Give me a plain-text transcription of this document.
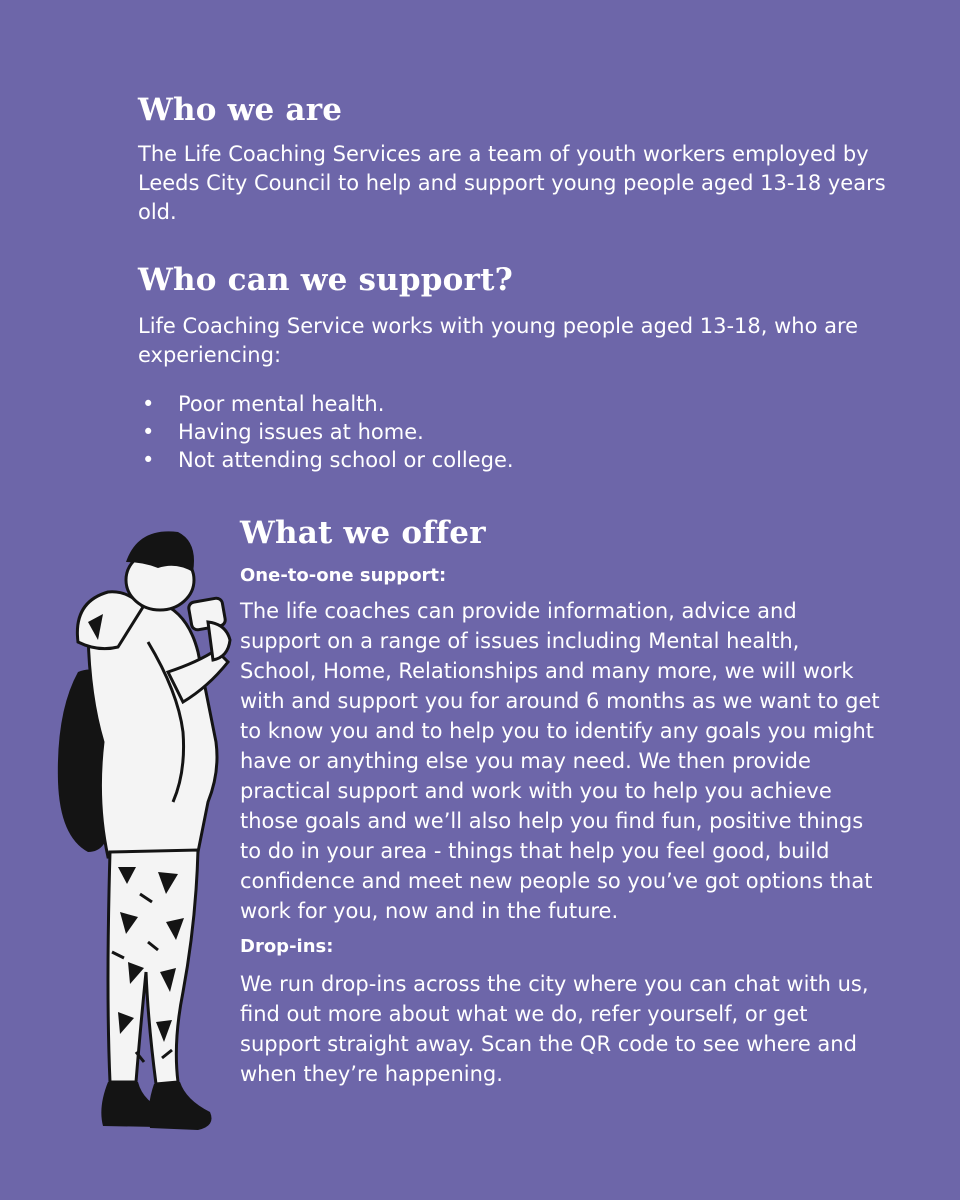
Who we are

The Life Coaching Services are a team of youth workers employed by Leeds City Council to help and support young people aged 13-18 years old.

Who can we support?

Life Coaching Service works with young people aged 13-18, who are experiencing:

• Poor mental health.
• Having issues at home.
• Not attending school or college.
What we offer

One-to-one support:

The life coaches can provide information, advice and support on a range of issues including Mental health, School, Home, Relationships and many more, we will work with and support you for around 6 months as we want to get to know you and to help you to identify any goals you might have or anything else you may need. We then provide practical support and work with you to help you achieve those goals and we’ll also help you find fun, positive things to do in your area - things that help you feel good, build confidence and meet new people so you’ve got options that work for you, now and in the future.

Drop-ins:

We run drop-ins across the city where you can chat with us, find out more about what we do, refer yourself, or get support straight away. Scan the QR code to see where and when they’re happening.
